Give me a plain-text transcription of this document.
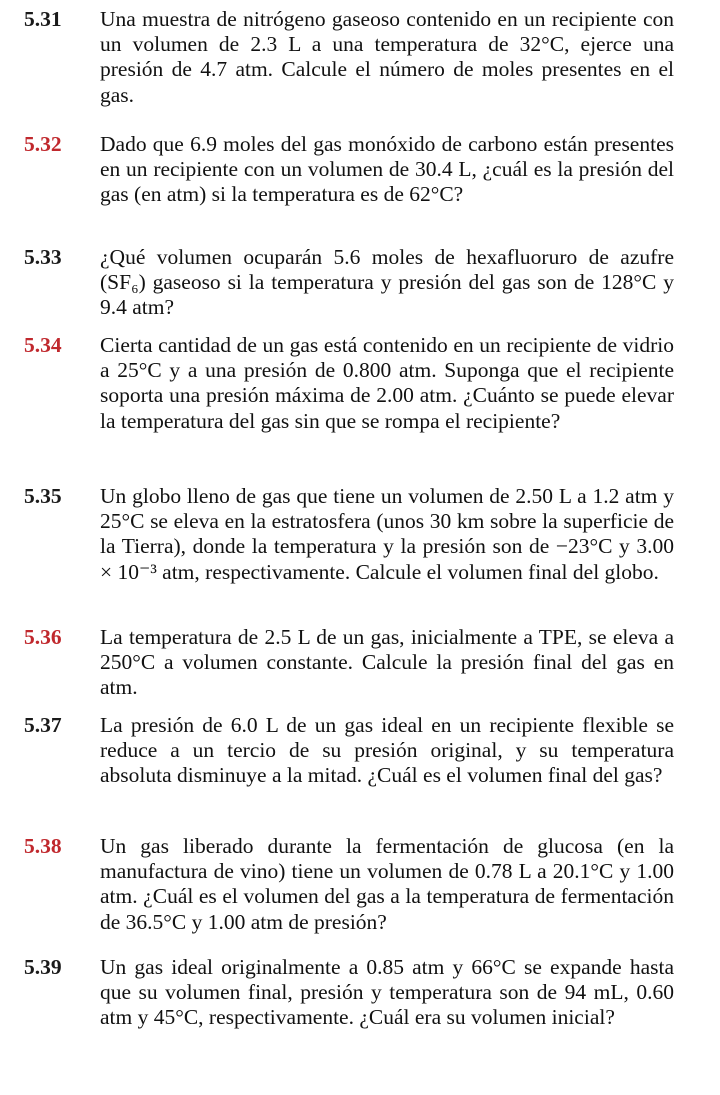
5.31	Una muestra de nitrógeno gaseoso contenido en un recipiente con un volumen de 2.3 L a una temperatura de 32°C, ejerce una presión de 4.7 atm. Calcule el número de moles presentes en el gas.
5.32	Dado que 6.9 moles del gas monóxido de carbono están presentes en un recipiente con un volumen de 30.4 L, ¿cuál es la presión del gas (en atm) si la temperatura es de 62°C?
5.33	¿Qué volumen ocuparán 5.6 moles de hexafluoruro de azufre (SF₆) gaseoso si la temperatura y presión del gas son de 128°C y 9.4 atm?
5.34	Cierta cantidad de un gas está contenido en un recipiente de vidrio a 25°C y a una presión de 0.800 atm. Suponga que el recipiente soporta una presión máxima de 2.00 atm. ¿Cuánto se puede elevar la temperatura del gas sin que se rompa el recipiente?
5.35	Un globo lleno de gas que tiene un volumen de 2.50 L a 1.2 atm y 25°C se eleva en la estratosfera (unos 30 km sobre la superficie de la Tierra), donde la temperatura y la presión son de −23°C y 3.00 × 10⁻³ atm, respectivamente. Calcule el volumen final del globo.
5.36	La temperatura de 2.5 L de un gas, inicialmente a TPE, se eleva a 250°C a volumen constante. Calcule la presión final del gas en atm.
5.37	La presión de 6.0 L de un gas ideal en un recipiente flexible se reduce a un tercio de su presión original, y su temperatura absoluta disminuye a la mitad. ¿Cuál es el volumen final del gas?
5.38	Un gas liberado durante la fermentación de glucosa (en la manufactura de vino) tiene un volumen de 0.78 L a 20.1°C y 1.00 atm. ¿Cuál es el volumen del gas a la temperatura de fermentación de 36.5°C y 1.00 atm de presión?
5.39	Un gas ideal originalmente a 0.85 atm y 66°C se expande hasta que su volumen final, presión y temperatura son de 94 mL, 0.60 atm y 45°C, respectivamente. ¿Cuál era su volumen inicial?
